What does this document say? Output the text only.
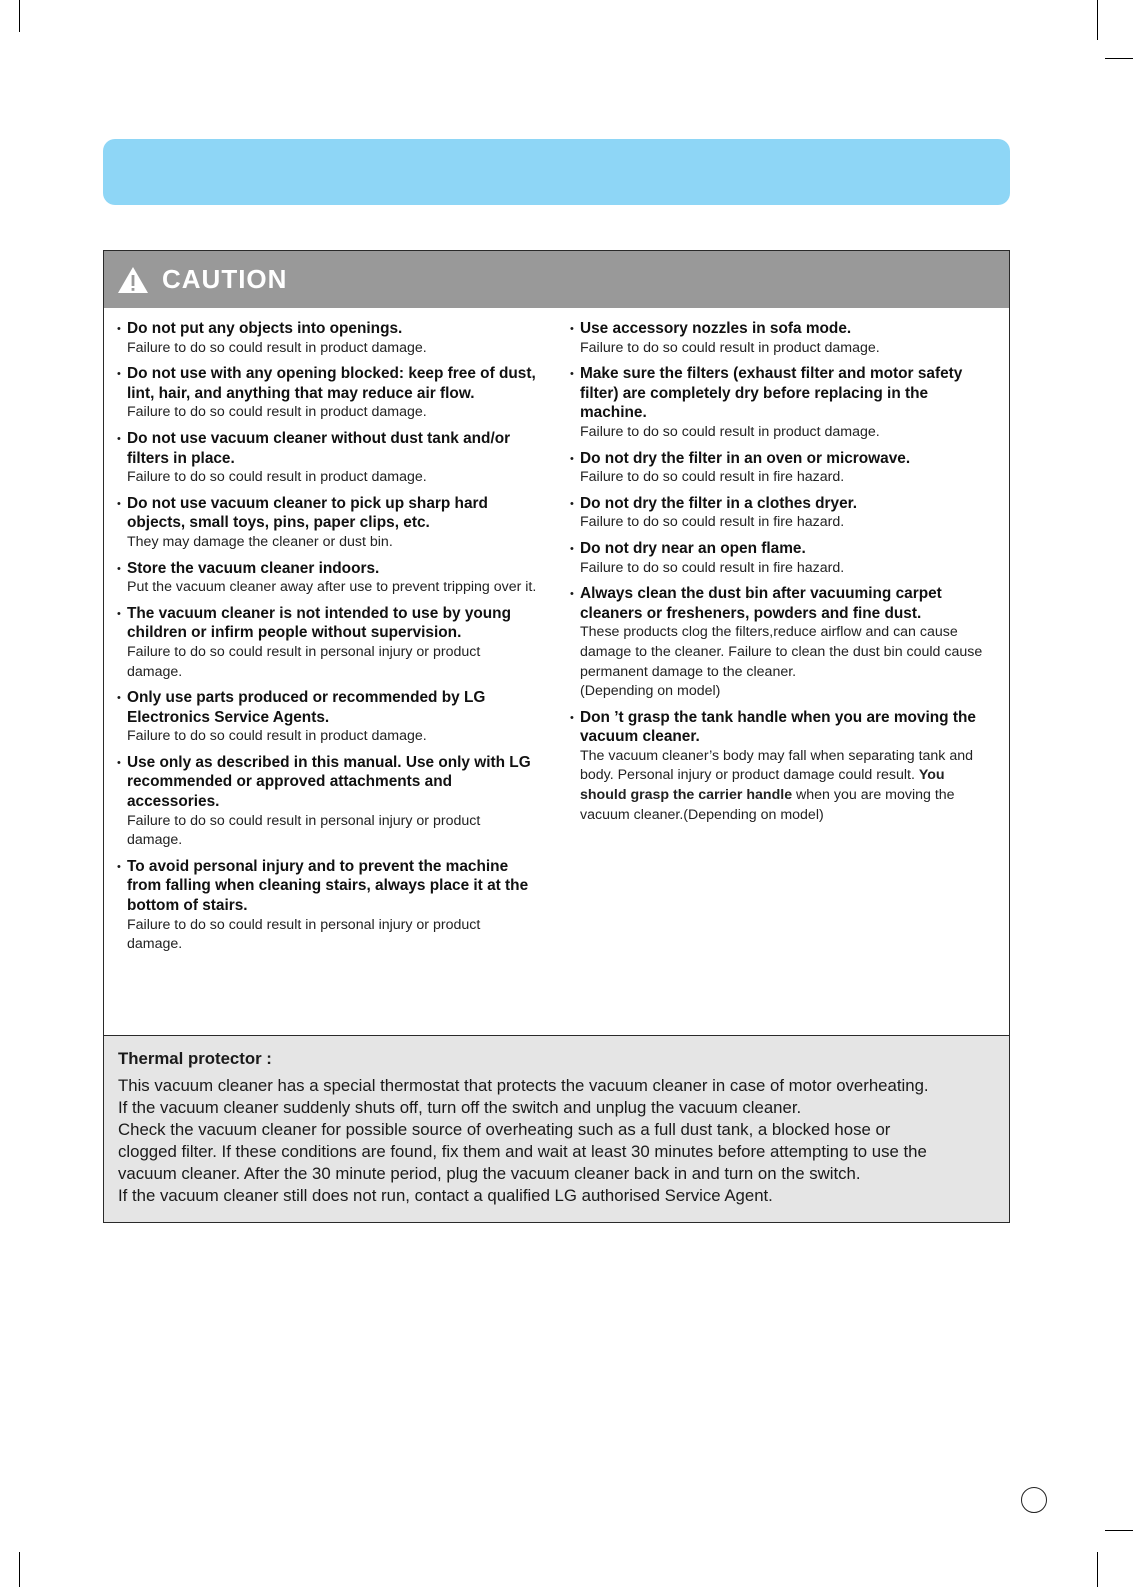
CAUTION
• Do not put any objects into openings.
Failure to do so could result in product damage.
• Do not use with any opening blocked: keep free of dust, lint, hair, and anything that may reduce air flow.
Failure to do so could result in product damage.
• Do not use vacuum cleaner without dust tank and/or filters in place.
Failure to do so could result in product damage.
• Do not use vacuum cleaner to pick up sharp hard objects, small toys, pins, paper clips, etc.
They may damage the cleaner or dust bin.
• Store the vacuum cleaner indoors.
Put the vacuum cleaner away after use to prevent tripping over it.
• The vacuum cleaner is not intended to use by young children or infirm people without supervision.
Failure to do so could result in personal injury or product damage.
• Only use parts produced or recommended by LG Electronics Service Agents.
Failure to do so could result in product damage.
• Use only as described in this manual. Use only with LG recommended or approved attachments and accessories.
Failure to do so could result in personal injury or product damage.
• To avoid personal injury and to prevent the machine from falling when cleaning stairs, always place it at the bottom of stairs.
Failure to do so could result in personal injury or product damage.
• Use accessory nozzles in sofa mode.
Failure to do so could result in product damage.
• Make sure the filters (exhaust filter and motor safety filter) are completely dry before replacing in the machine.
Failure to do so could result in product damage.
• Do not dry the filter in an oven or microwave.
Failure to do so could result in fire hazard.
• Do not dry the filter in a clothes dryer.
Failure to do so could result in fire hazard.
• Do not dry near an open flame.
Failure to do so could result in fire hazard.
• Always clean the dust bin after vacuuming carpet cleaners or fresheners, powders and fine dust.
These products clog the filters,reduce airflow and can cause damage to the cleaner. Failure to clean the dust bin could cause permanent damage to the cleaner.
(Depending on model)
• Don ’t grasp the tank handle when you are moving the vacuum cleaner.
The vacuum cleaner’s body may fall when separating tank and body. Personal injury or product damage could result. You should grasp the carrier handle when you are moving the vacuum cleaner.(Depending on model)
Thermal protector :
This vacuum cleaner has a special thermostat that protects the vacuum cleaner in case of motor overheating.
If the vacuum cleaner suddenly shuts off, turn off the switch and unplug the vacuum cleaner.
Check the vacuum cleaner for possible source of overheating such as a full dust tank, a blocked hose or
clogged filter. If these conditions are found, fix them and wait at least 30 minutes before attempting to use the
vacuum cleaner. After the 30 minute period, plug the vacuum cleaner back in and turn on the switch.
If the vacuum cleaner still does not run, contact a qualified LG authorised Service Agent.
